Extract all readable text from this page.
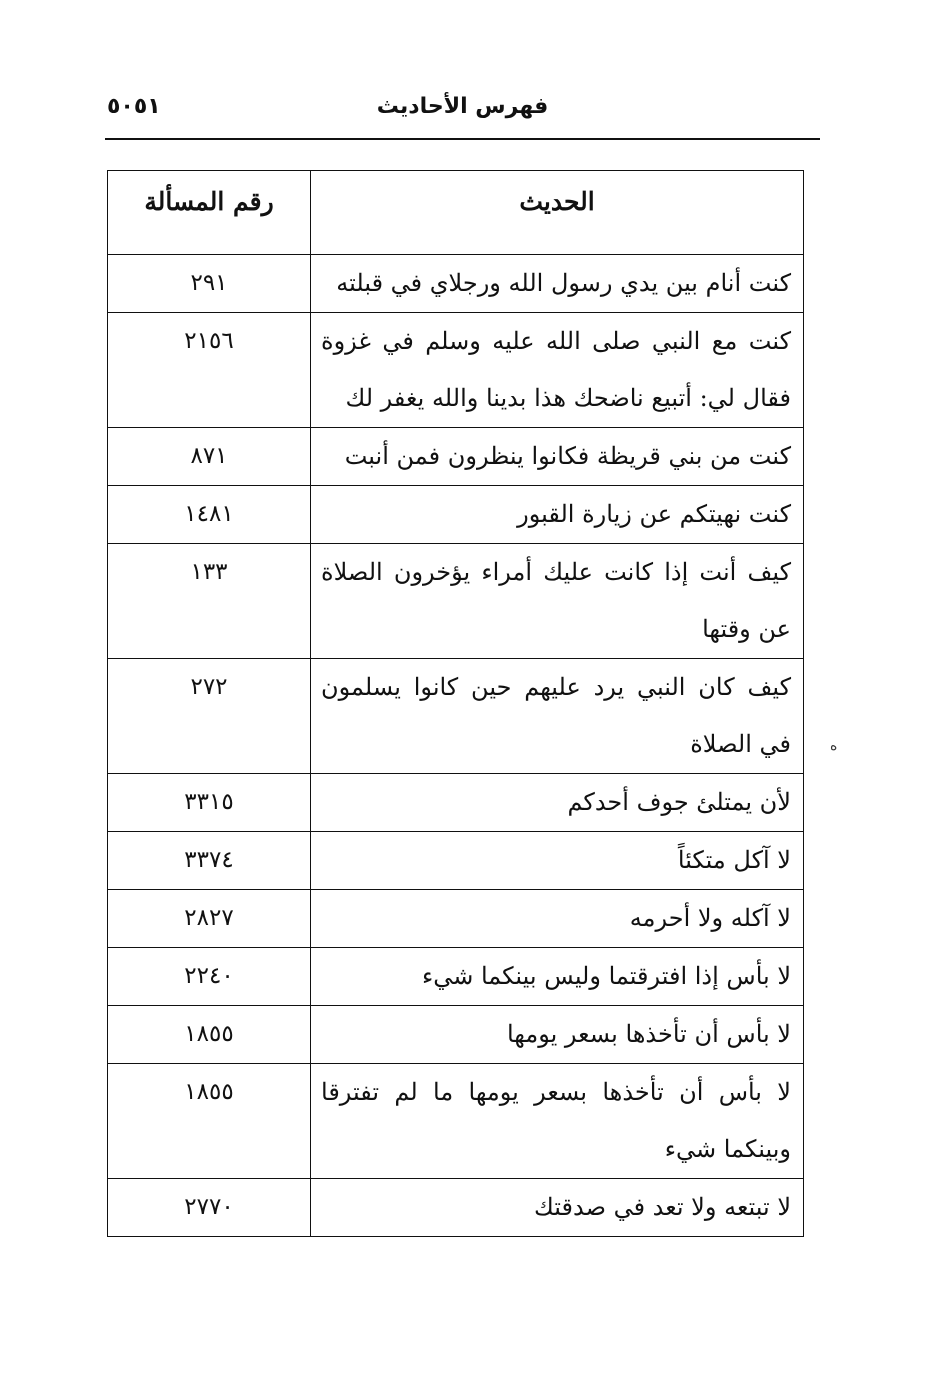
فهرس الأحاديث
٥٠٥١
الحديث	رقم المسألة
كنت أنام بين يدي رسول الله ورجلاي في قبلته	٢٩١
كنت مع النبي صلى الله عليه وسلم في غزوة فقال لي: أتبيع ناضحك هذا بدينا والله يغفر لك	٢١٥٦
كنت من بني قريظة فكانوا ينظرون فمن أنبت	٨٧١
كنت نهيتكم عن زيارة القبور	١٤٨١
كيف أنت إذا كانت عليك أمراء يؤخرون الصلاة عن وقتها	١٣٣
كيف كان النبي يرد عليهم حين كانوا يسلمون في الصلاة	٢٧٢
لأن يمتلئ جوف أحدكم	٣٣١٥
لا آكل متكئاً	٣٣٧٤
لا آكله ولا أحرمه	٢٨٢٧
لا بأس إذا افترقتما وليس بينكما شيء	٢٢٤٠
لا بأس أن تأخذها بسعر يومها	١٨٥٥
لا بأس أن تأخذها بسعر يومها ما لم تفترقا وبينكما شيء	١٨٥٥
لا تبتعه ولا تعد في صدقتك	٢٧٧٠
ه
